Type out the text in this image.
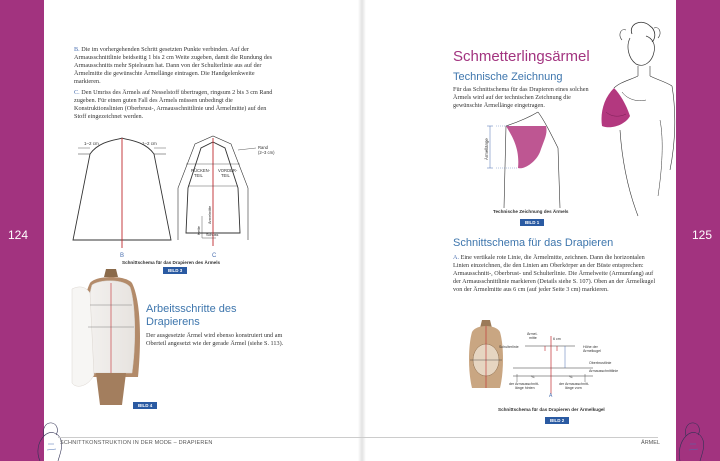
124	125
B. Die im vorhergehenden Schritt gesetzten Punkte verbinden. Auf der Armausschnittlinie beidseitig 1 bis 2 cm Weite zugeben, damit die Rundung des Armausschnitts mehr Spielraum hat. Dann von der Schulterlinie aus auf der Ärmelmitte die gewünschte Ärmellänge eintragen. Die Handgelenkweite markieren.
C. Den Umriss des Ärmels auf Nesselstoff übertragen, ringsum 2 bis 3 cm Rand zugeben. Für einen guten Fall des Ärmels müssen unbedingt die Konstruktionslinien (Oberbrust-, Armausschnittlinie und Ärmelmitte) auf den Stoff eingezeichnet werden.
1–2 cm	1–2 cm
B
RÜCKEN-
TEIL
VORDER-
TEIL
Rand
(2–3 cm)
Ärmelmitte
Kette Schuss
C
Schnittschema für das Drapieren des Ärmels
BILD 3
BILD 4
Arbeitsschritte des
Drapierens
Der ausgesetzte Ärmel wird ebenso konstruiert und am Oberteil angesetzt wie der gerade Ärmel (siehe S. 113).
Schmetterlingsärmel
Technische Zeichnung
Für das Schnittschema für das Drapieren eines solchen Ärmels wird auf der technischen Zeichnung die gewünschte Ärmellänge eingetragen.
Ärmellänge
Technische Zeichnung des Ärmels
BILD 1
Schnittschema für das Drapieren
A. Eine vertikale rote Linie, die Ärmelmitte, zeichnen. Dann die horizontalen Linien einzeichnen, die den Linien am Oberkörper an der Büste entsprechen: Armausschnitt-, Oberbrust- und Schulterlinie. Die Ärmelweite (Armumfang) auf der Armausschnittlinie markieren (Details siehe S. 107). Oben an der Ärmelkugel von der Ärmelmitte aus 6 cm (auf jeder Seite 3 cm) markieren.
Schulterlinie
Ärmel-
mitte	6 cm
Höhe der
Ärmelkugel
Oberbrustlinie
Armausschnittlinie
¾	¾
der Armausschnitt-
länge hinten
der Armausschnitt-
länge vorn
A
Schnittschema für das Drapieren der Ärmelkugel
BILD 2
SCHNITTKONSTRUKTION IN DER MODE – DRAPIEREN	ÄRMEL
